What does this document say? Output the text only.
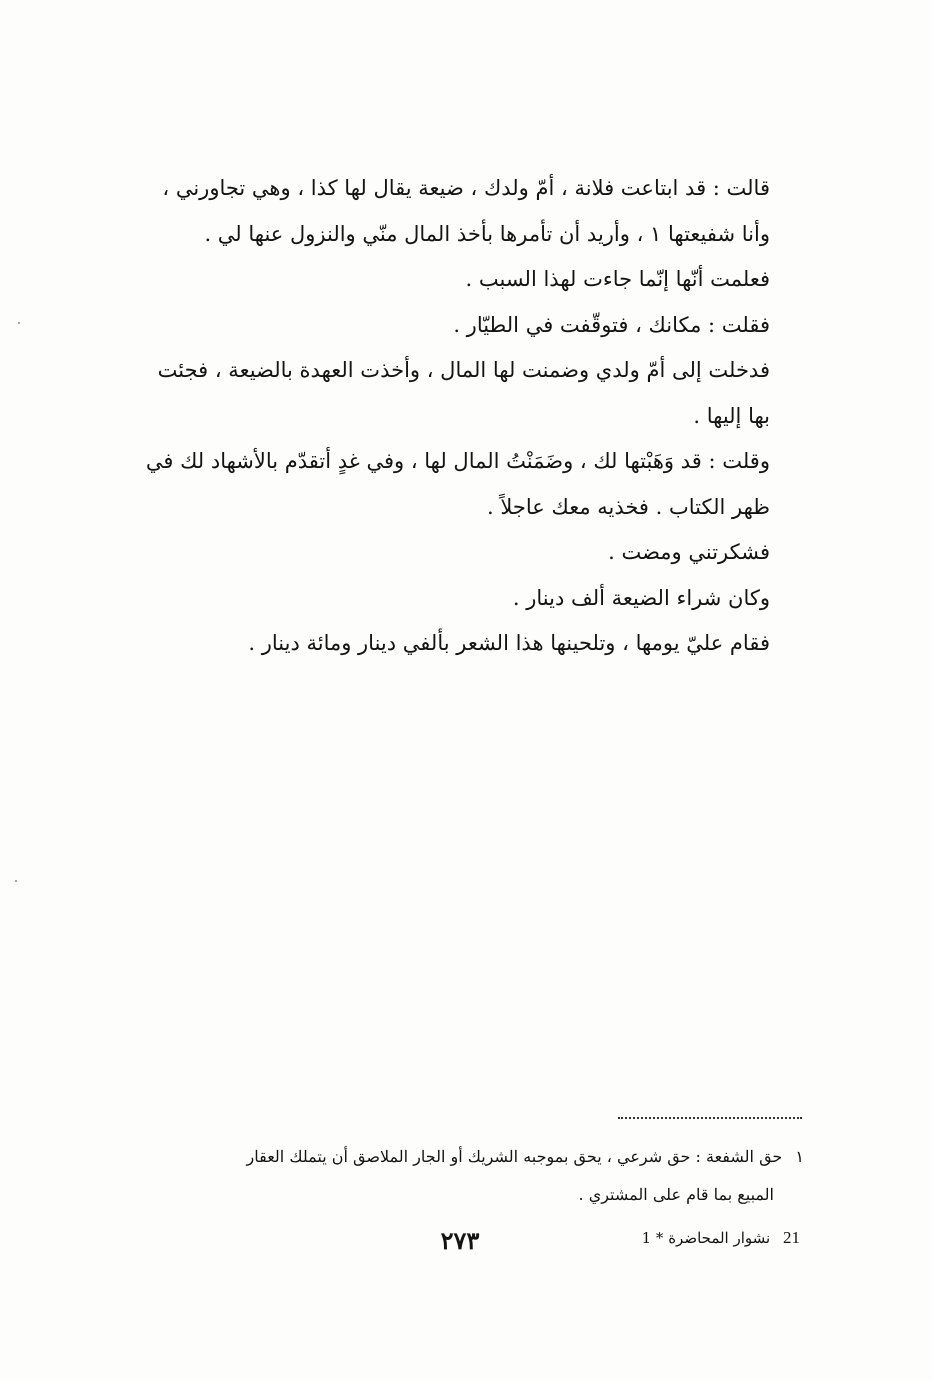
قالت : قد ابتاعت فلانة ، أمّ ولدك ، ضيعة يقال لها كذا ، وهي تجاورني ، وأنا شفيعتها ١ ، وأريد أن تأمرها بأخذ المال منّي والنزول عنها لي .

فعلمت أنّها إنّما جاءت لهذا السبب .

فقلت : مكانك ، فتوقّفت في الطيّار .

فدخلت إلى أمّ ولدي وضمنت لها المال ، وأخذت العهدة بالضيعة ، فجئت بها إليها .

وقلت : قد وَهَبْتها لك ، وضَمَنْتُ المال لها ، وفي غدٍ أتقدّم بالأشهاد لك في ظهر الكتاب . فخذيه معك عاجلاً .

فشكرتني ومضت .

وكان شراء الضيعة ألف دينار .

فقام عليّ يومها ، وتلحينها هذا الشعر بألفي دينار ومائة دينار .

١ حق الشفعة : حق شرعي ، يحق بموجبه الشريك أو الجار الملاصق أن يتملك العقار

المبيع بما قام على المشتري .

٢٧٣	21 نشوار المحاضرة * 1
